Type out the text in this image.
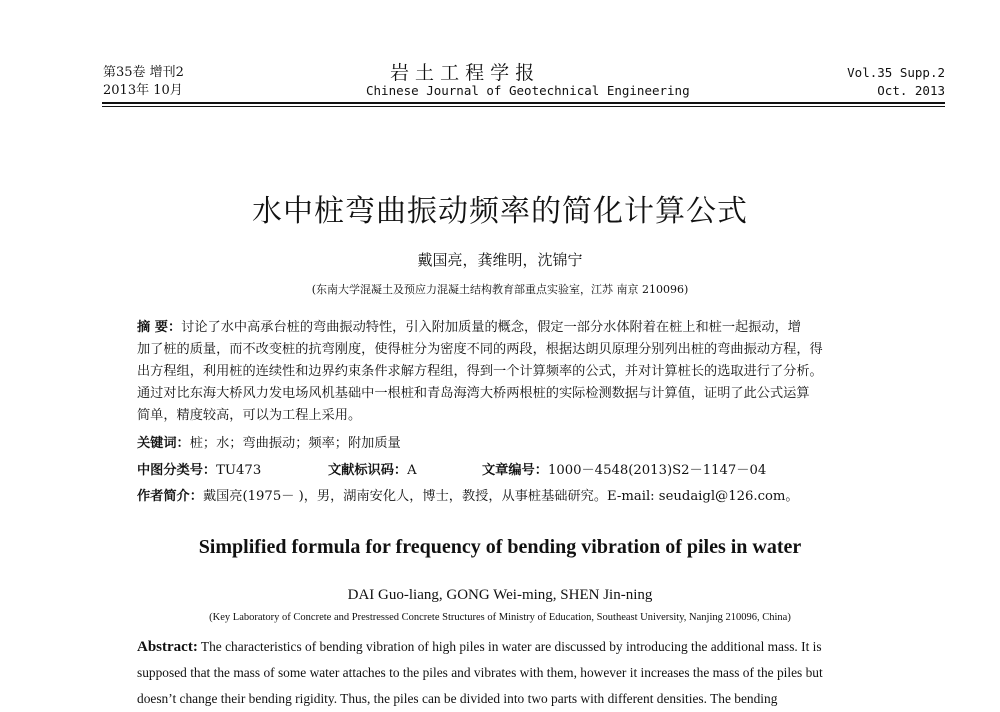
第35卷 增刊2
2013年 10月
岩 土 工 程 学 报
Chinese Journal of Geotechnical Engineering
Vol.35 Supp.2
Oct. 2013
水中桩弯曲振动频率的简化计算公式
戴国亮，龚维明，沈锦宁
(东南大学混凝土及预应力混凝土结构教育部重点实验室，江苏 南京 210096)
摘 要：讨论了水中高承台桩的弯曲振动特性，引入附加质量的概念，假定一部分水体附着在桩上和桩一起振动，增
加了桩的质量，而不改变桩的抗弯刚度，使得桩分为密度不同的两段，根据达朗贝原理分别列出桩的弯曲振动方程，得
出方程组，利用桩的连续性和边界约束条件求解方程组，得到一个计算频率的公式，并对计算桩长的选取进行了分析。
通过对比东海大桥风力发电场风机基础中一根桩和青岛海湾大桥两根桩的实际检测数据与计算值，证明了此公式运算
简单，精度较高，可以为工程上采用。
关键词：桩；水；弯曲振动；频率；附加质量
中图分类号：TU473	文献标识码：A	文章编号：1000－4548(2013)S2－1147－04
作者简介：戴国亮(1975－ )，男，湖南安化人，博士，教授，从事桩基础研究。E-mail: seudaigl@126.com。
Simplified formula for frequency of bending vibration of piles in water
DAI Guo-liang, GONG Wei-ming, SHEN Jin-ning
(Key Laboratory of Concrete and Prestressed Concrete Structures of Ministry of Education, Southeast University, Nanjing 210096, China)
Abstract: The characteristics of bending vibration of high piles in water are discussed by introducing the additional mass. It is
supposed that the mass of some water attaches to the piles and vibrates with them, however it increases the mass of the piles but
doesn’t change their bending rigidity. Thus, the piles can be divided into two parts with different densities. The bending
